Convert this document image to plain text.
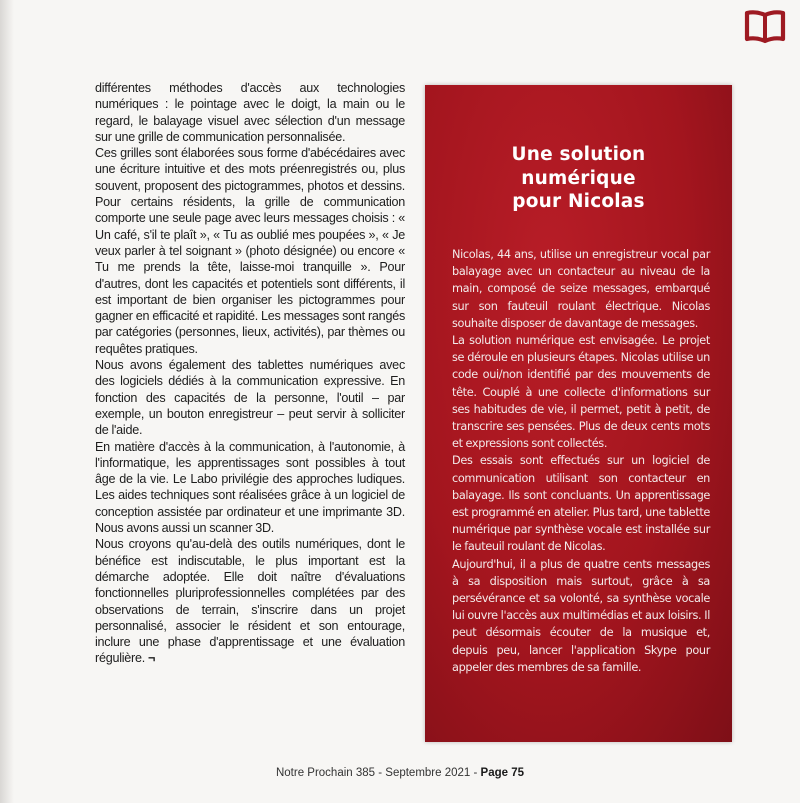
différentes méthodes d'accès aux technologies numériques : le pointage avec le doigt, la main ou le regard, le balayage visuel avec sélection d'un message sur une grille de communication personnalisée.

Ces grilles sont élaborées sous forme d'abécédaires avec une écriture intuitive et des mots préenregistrés ou, plus souvent, proposent des pictogrammes, photos et dessins. Pour certains résidents, la grille de communication comporte une seule page avec leurs messages choisis : « Un café, s'il te plaît », « Tu as oublié mes poupées », « Je veux parler à tel soignant » (photo désignée) ou encore « Tu me prends la tête, laisse-moi tranquille ». Pour d'autres, dont les capacités et potentiels sont différents, il est important de bien organiser les pictogrammes pour gagner en efficacité et rapidité. Les messages sont rangés par catégories (personnes, lieux, activités), par thèmes ou requêtes pratiques.

Nous avons également des tablettes numériques avec des logiciels dédiés à la communication expressive. En fonction des capacités de la personne, l'outil – par exemple, un bouton enregistreur – peut servir à solliciter de l'aide.

En matière d'accès à la communication, à l'autonomie, à l'informatique, les apprentissages sont possibles à tout âge de la vie. Le Labo privilégie des approches ludiques. Les aides techniques sont réalisées grâce à un logiciel de conception assistée par ordinateur et une imprimante 3D. Nous avons aussi un scanner 3D.

Nous croyons qu'au-delà des outils numériques, dont le bénéfice est indiscutable, le plus important est la démarche adoptée. Elle doit naître d'évaluations fonctionnelles pluriprofessionnelles complétées par des observations de terrain, s'inscrire dans un projet personnalisé, associer le résident et son entourage, inclure une phase d'apprentissage et une évaluation régulière. ¬

Une solution
numérique
pour Nicolas

Nicolas, 44 ans, utilise un enregistreur vocal par balayage avec un contacteur au niveau de la main, composé de seize messages, embarqué sur son fauteuil roulant électrique. Nicolas souhaite disposer de davantage de messages.

La solution numérique est envisagée. Le projet se déroule en plusieurs étapes. Nicolas utilise un code oui/non identifié par des mouvements de tête. Couplé à une collecte d'informations sur ses habitudes de vie, il permet, petit à petit, de transcrire ses pensées. Plus de deux cents mots et expressions sont collectés.

Des essais sont effectués sur un logiciel de communication utilisant son contacteur en balayage. Ils sont concluants. Un apprentissage est programmé en atelier. Plus tard, une tablette numérique par synthèse vocale est installée sur le fauteuil roulant de Nicolas.

Aujourd'hui, il a plus de quatre cents messages à sa disposition mais surtout, grâce à sa persévérance et sa volonté, sa synthèse vocale lui ouvre l'accès aux multimédias et aux loisirs. Il peut désormais écouter de la musique et, depuis peu, lancer l'application Skype pour appeler des membres de sa famille.

Notre Prochain 385 - Septembre 2021 - Page 75
